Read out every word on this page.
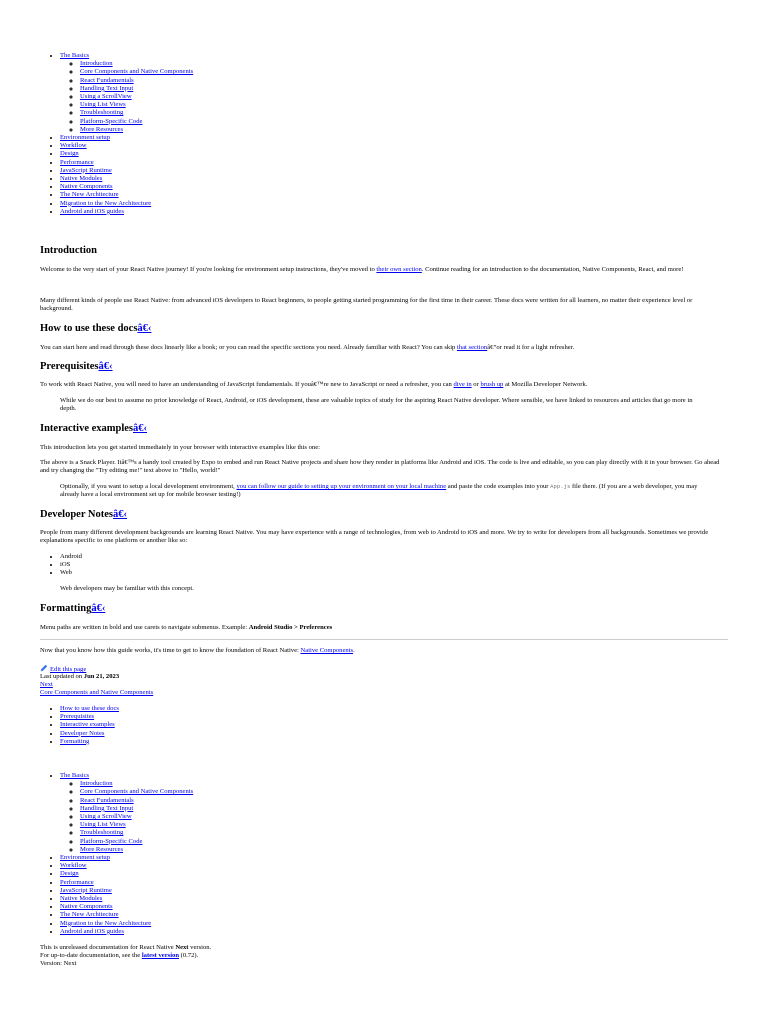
• The Basics
◦ Introduction
◦ Core Components and Native Components
◦ React Fundamentals
◦ Handling Text Input
◦ Using a ScrollView
◦ Using List Views
◦ Troubleshooting
◦ Platform-Specific Code
◦ More Resources
• Environment setup
• Workflow
• Design
• Performance
• JavaScript Runtime
• Native Modules
• Native Components
• The New Architecture
• Migration to the New Architecture
• Android and iOS guides
Introduction

Welcome to the very start of your React Native journey! If you're looking for environment setup instructions, they've moved to their own section. Continue reading for an introduction to the documentation, Native Components, React, and more!

Many different kinds of people use React Native: from advanced iOS developers to React beginners, to people getting started programming for the first time in their career. These docs were written for all learners, no matter their experience level or background.

How to use these docsâ€‹

You can start here and read through these docs linearly like a book; or you can read the specific sections you need. Already familiar with React? You can skip that sectionâ€”or read it for a light refresher.

Prerequisitesâ€‹

To work with React Native, you will need to have an understanding of JavaScript fundamentals. If youâ€™re new to JavaScript or need a refresher, you can dive in or brush up at Mozilla Developer Network.

While we do our best to assume no prior knowledge of React, Android, or iOS development, these are valuable topics of study for the aspiring React Native developer. Where sensible, we have linked to resources and articles that go more in depth.

Interactive examplesâ€‹

This introduction lets you get started immediately in your browser with interactive examples like this one:

The above is a Snack Player. Itâ€™s a handy tool created by Expo to embed and run React Native projects and share how they render in platforms like Android and iOS. The code is live and editable, so you can play directly with it in your browser. Go ahead and try changing the "Try editing me!" text above to "Hello, world!"

Optionally, if you want to setup a local development environment, you can follow our guide to setting up your environment on your local machine and paste the code examples into your App.js file there. (If you are a web developer, you may already have a local environment set up for mobile browser testing!)

Developer Notesâ€‹

People from many different development backgrounds are learning React Native. You may have experience with a range of technologies, from web to Android to iOS and more. We try to write for developers from all backgrounds. Sometimes we provide explanations specific to one platform or another like so:

• Android
• iOS
• Web

Web developers may be familiar with this concept.

Formattingâ€‹

Menu paths are written in bold and use carets to navigate submenus. Example: Android Studio > Preferences

Now that you know how this guide works, it's time to get to know the foundation of React Native: Native Components.

Edit this page
Last updated on Jun 21, 2023
Next
Core Components and Native Components
• How to use these docs
• Prerequisites
• Interactive examples
• Developer Notes
• Formatting
• The Basics
◦ Introduction
◦ Core Components and Native Components
◦ React Fundamentals
◦ Handling Text Input
◦ Using a ScrollView
◦ Using List Views
◦ Troubleshooting
◦ Platform-Specific Code
◦ More Resources
• Environment setup
• Workflow
• Design
• Performance
• JavaScript Runtime
• Native Modules
• Native Components
• The New Architecture
• Migration to the New Architecture
• Android and iOS guides
This is unreleased documentation for React Native Next version.
For up-to-date documentation, see the latest version (0.72).
Version: Next
